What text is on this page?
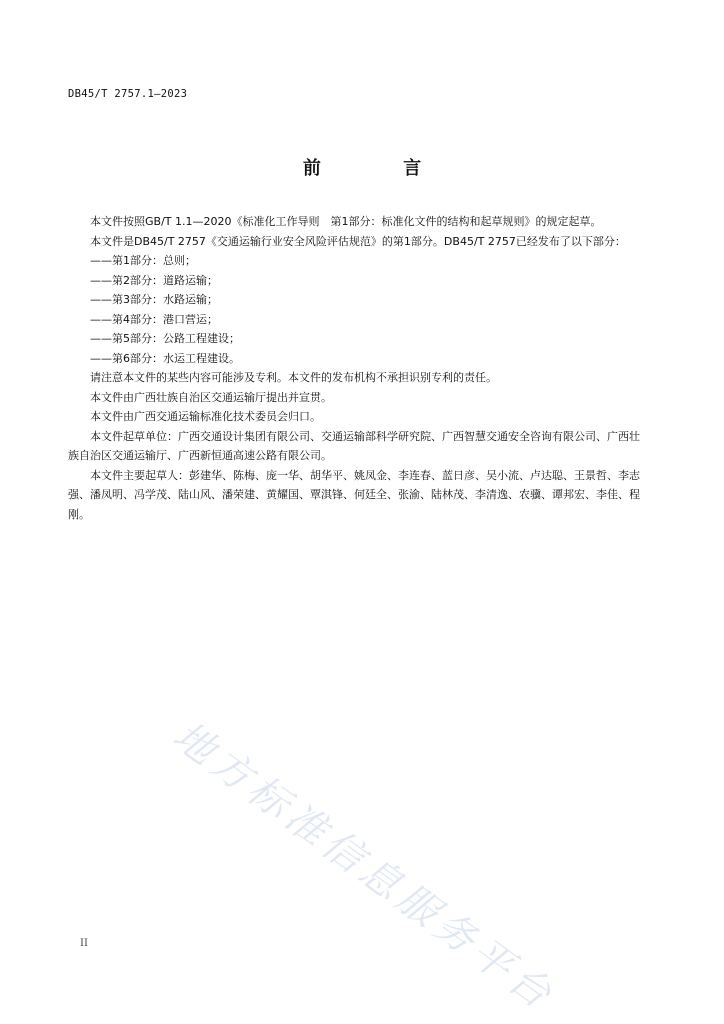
DB45/T 2757.1—2023
前 言

本文件按照GB/T 1.1—2020《标准化工作导则　第1部分：标准化文件的结构和起草规则》的规定起草。

本文件是DB45/T 2757《交通运输行业安全风险评估规范》的第1部分。DB45/T 2757已经发布了以下部分：

——第1部分：总则；
——第2部分：道路运输；
——第3部分：水路运输；
——第4部分：港口营运；
——第5部分：公路工程建设；
——第6部分：水运工程建设。

请注意本文件的某些内容可能涉及专利。本文件的发布机构不承担识别专利的责任。

本文件由广西壮族自治区交通运输厅提出并宣贯。

本文件由广西交通运输标准化技术委员会归口。

本文件起草单位：广西交通设计集团有限公司、交通运输部科学研究院、广西智慧交通安全咨询有限公司、广西壮族自治区交通运输厅、广西新恒通高速公路有限公司。

本文件主要起草人：彭建华、陈梅、庞一华、胡华平、姚凤金、李连春、蓝日彦、吴小流、卢达聪、王景哲、李志强、潘凤明、冯学茂、陆山风、潘荣建、黄耀国、覃淇锋、何廷全、张渝、陆林茂、李清逸、农骥、谭邦宏、李佳、程刚。

地方标准信息服务平台
II
